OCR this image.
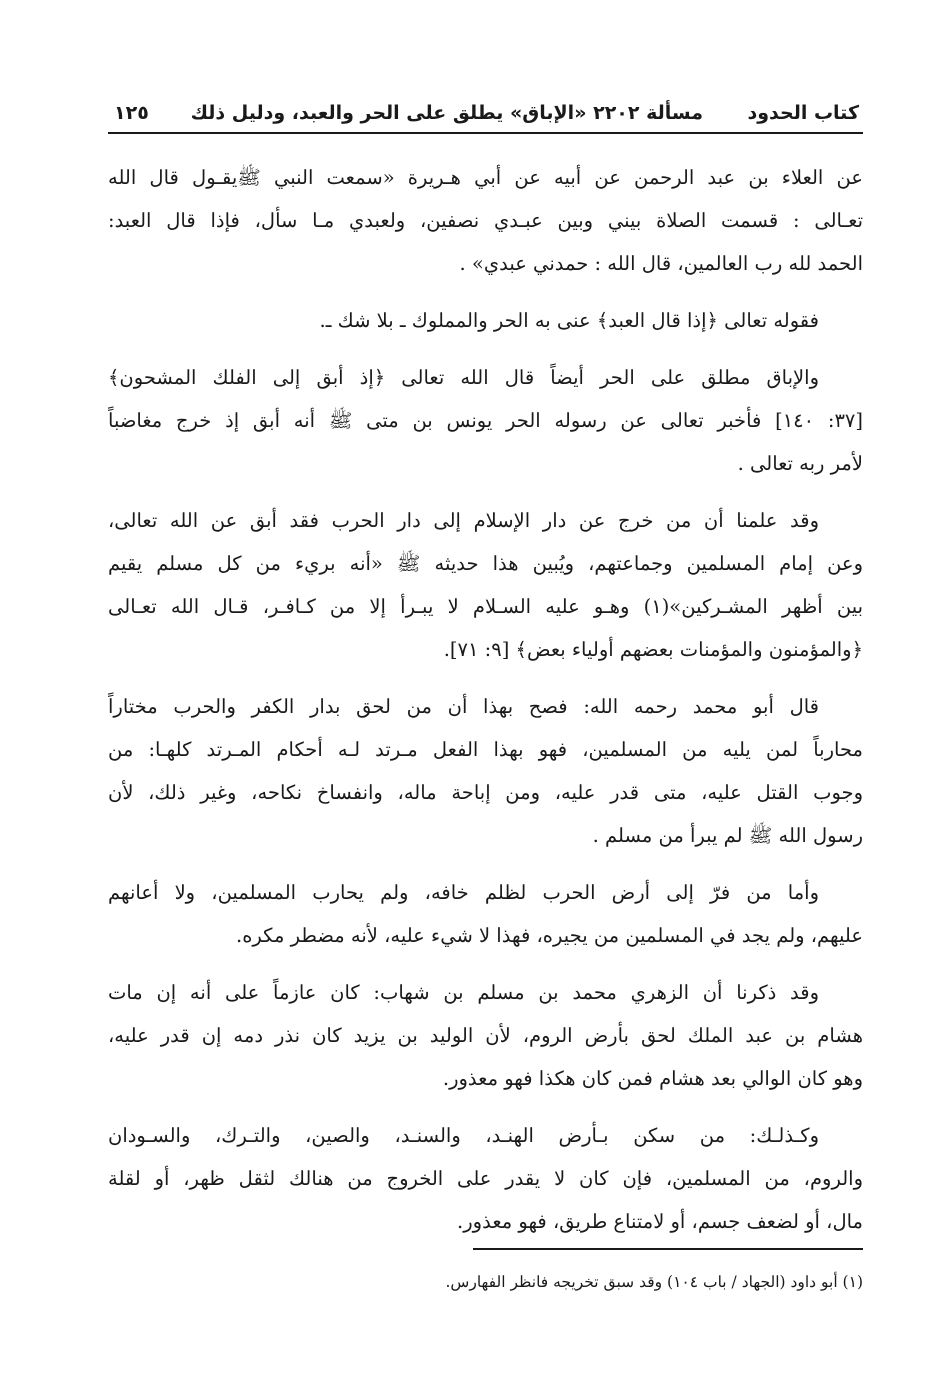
كتاب الحدود
مسألة ٢٢٠٢ «الإباق» يطلق على الحر والعبد، ودليل ذلك
١٢٥
عن العلاء بن عبد الرحمن عن أبيه عن أبي هـريرة «سمعت النبي ﷺيقـول قال الله
تعـالى : قسمت الصلاة بيني وبين عبـدي نصفين، ولعبدي مـا سأل، فإذا قال العبد:
الحمد لله رب العالمين، قال الله : حمدني عبدي» .
فقوله تعالى ﴿إذا قال العبد﴾ عنى به الحر والمملوك ـ بلا شك ـ.
والإباق مطلق على الحر أيضاً قال الله تعالى ﴿إذ أبق إلى الفلك المشحون﴾
[٣٧: ١٤٠] فأخبر تعالى عن رسوله الحر يونس بن متى ﷺ أنه أبق إذ خرج مغاضباً
لأمر ربه تعالى .
وقد علمنا أن من خرج عن دار الإسلام إلى دار الحرب فقد أبق عن الله تعالى،
وعن إمام المسلمين وجماعتهم، ويُبين هذا حديثه ﷺ «أنه بريء من كل مسلم يقيم
بين أظهر المشـركين»(١) وهـو عليه السـلام لا يبـرأ إلا من كـافـر، قـال الله تعـالى
﴿والمؤمنون والمؤمنات بعضهم أولياء بعض﴾ [٩: ٧١].
قال أبو محمد رحمه الله: فصح بهذا أن من لحق بدار الكفر والحرب مختاراً
محارباً لمن يليه من المسلمين، فهو بهذا الفعل مـرتد لـه أحكام المـرتد كلهـا: من
وجوب القتل عليه، متى قدر عليه، ومن إباحة ماله، وانفساخ نكاحه، وغير ذلك، لأن
رسول الله ﷺ لم يبرأ من مسلم .
وأما من فرّ إلى أرض الحرب لظلم خافه، ولم يحارب المسلمين، ولا أعانهم
عليهم، ولم يجد في المسلمين من يجيره، فهذا لا شيء عليه، لأنه مضطر مكره.
وقد ذكرنا أن الزهري محمد بن مسلم بن شهاب: كان عازماً على أنه إن مات
هشام بن عبد الملك لحق بأرض الروم، لأن الوليد بن يزيد كان نذر دمه إن قدر عليه،
وهو كان الوالي بعد هشام فمن كان هكذا فهو معذور.
وكـذلـك: من سكن بـأرض الهنـد، والسنـد، والصين، والتـرك، والسـودان
والروم، من المسلمين، فإن كان لا يقدر على الخروج من هنالك لثقل ظهر، أو لقلة
مال، أو لضعف جسم، أو لامتناع طريق، فهو معذور.
(١) أبو داود (الجهاد / باب ١٠٤) وقد سبق تخريجه فانظر الفهارس.
